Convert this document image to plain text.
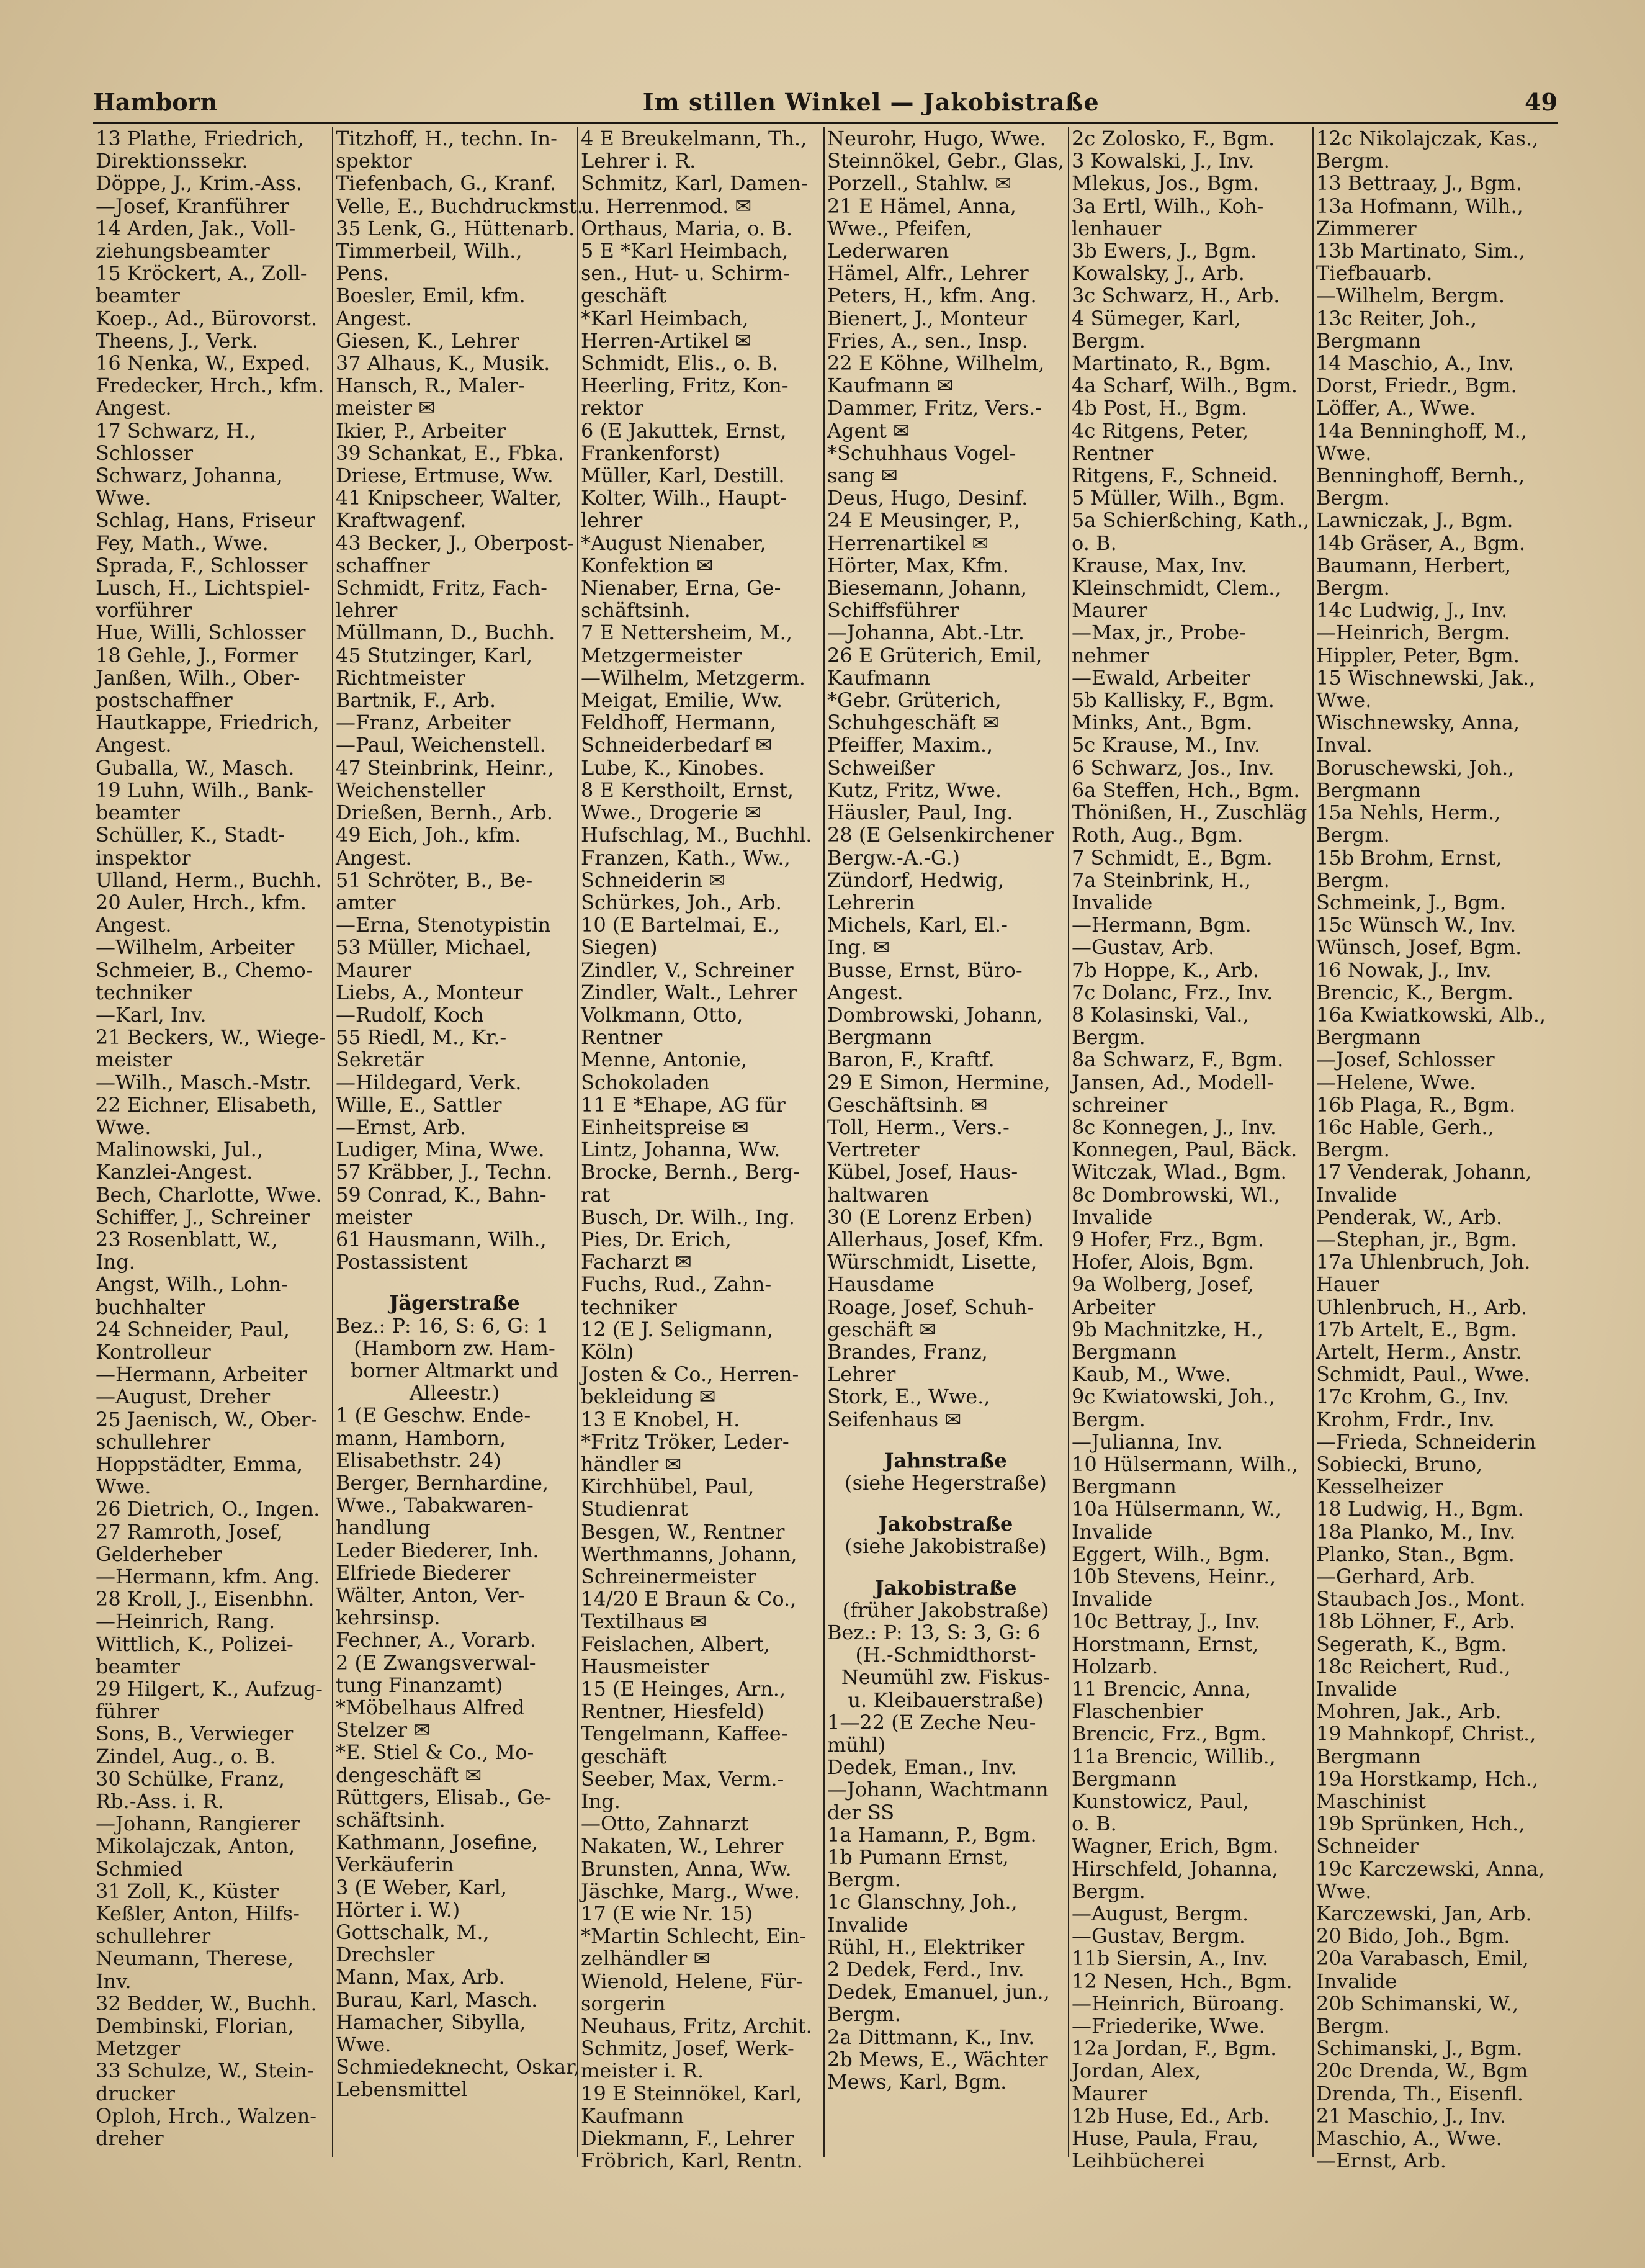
Hamborn	Im stillen Winkel — Jakobistraße	49
13 Plathe, Friedrich,
Direktionssekr.
Döppe, J., Krim.-Ass.
—Josef, Kranführer
14 Arden, Jak., Voll-
ziehungsbeamter
15 Kröckert, A., Zoll-
beamter
Koep., Ad., Bürovorst.
Theens, J., Verk.
16 Nenka, W., Exped.
Fredecker, Hrch., kfm.
Angest.
17 Schwarz, H.,
Schlosser
Schwarz, Johanna,
Wwe.
Schlag, Hans, Friseur
Fey, Math., Wwe.
Sprada, F., Schlosser
Lusch, H., Lichtspiel-
vorführer
Hue, Willi, Schlosser
18 Gehle, J., Former
Janßen, Wilh., Ober-
postschaffner
Hautkappe, Friedrich,
Angest.
Guballa, W., Masch.
19 Luhn, Wilh., Bank-
beamter
Schüller, K., Stadt-
inspektor
Ulland, Herm., Buchh.
20 Auler, Hrch., kfm.
Angest.
—Wilhelm, Arbeiter
Schmeier, B., Chemo-
techniker
—Karl, Inv.
21 Beckers, W., Wiege-
meister
—Wilh., Masch.-Mstr.
22 Eichner, Elisabeth,
Wwe.
Malinowski, Jul.,
Kanzlei-Angest.
Bech, Charlotte, Wwe.
Schiffer, J., Schreiner
23 Rosenblatt, W.,
Ing.
Angst, Wilh., Lohn-
buchhalter
24 Schneider, Paul,
Kontrolleur
—Hermann, Arbeiter
—August, Dreher
25 Jaenisch, W., Ober-
schullehrer
Hoppstädter, Emma,
Wwe.
26 Dietrich, O., Ingen.
27 Ramroth, Josef,
Gelderheber
—Hermann, kfm. Ang.
28 Kroll, J., Eisenbhn.
—Heinrich, Rang.
Wittlich, K., Polizei-
beamter
29 Hilgert, K., Aufzug-
führer
Sons, B., Verwieger
Zindel, Aug., o. B.
30 Schülke, Franz,
Rb.-Ass. i. R.
—Johann, Rangierer
Mikolajczak, Anton,
Schmied
31 Zoll, K., Küster
Keßler, Anton, Hilfs-
schullehrer
Neumann, Therese,
Inv.
32 Bedder, W., Buchh.
Dembinski, Florian,
Metzger
33 Schulze, W., Stein-
drucker
Oploh, Hrch., Walzen-
dreher
Titzhoff, H., techn. In-
spektor
Tiefenbach, G., Kranf.
Velle, E., Buchdruckmst.
35 Lenk, G., Hüttenarb.
Timmerbeil, Wilh.,
Pens.
Boesler, Emil, kfm.
Angest.
Giesen, K., Lehrer
37 Alhaus, K., Musik.
Hansch, R., Maler-
meister ✉
Ikier, P., Arbeiter
39 Schankat, E., Fbka.
Driese, Ertmuse, Ww.
41 Knipscheer, Walter,
Kraftwagenf.
43 Becker, J., Oberpost-
schaffner
Schmidt, Fritz, Fach-
lehrer
Müllmann, D., Buchh.
45 Stutzinger, Karl,
Richtmeister
Bartnik, F., Arb.
—Franz, Arbeiter
—Paul, Weichenstell.
47 Steinbrink, Heinr.,
Weichensteller
Drießen, Bernh., Arb.
49 Eich, Joh., kfm.
Angest.
51 Schröter, B., Be-
amter
—Erna, Stenotypistin
53 Müller, Michael,
Maurer
Liebs, A., Monteur
—Rudolf, Koch
55 Riedl, M., Kr.-
Sekretär
—Hildegard, Verk.
Wille, E., Sattler
—Ernst, Arb.
Ludiger, Mina, Wwe.
57 Kräbber, J., Techn.
59 Conrad, K., Bahn-
meister
61 Hausmann, Wilh.,
Postassistent
Jägerstraße
Bez.: P: 16, S: 6, G: 1
(Hamborn zw. Ham-
borner Altmarkt und
Alleestr.)
1 (E Geschw. Ende-
mann, Hamborn,
Elisabethstr. 24)
Berger, Bernhardine,
Wwe., Tabakwaren-
handlung
Leder Biederer, Inh.
Elfriede Biederer
Wälter, Anton, Ver-
kehrsinsp.
Fechner, A., Vorarb.
2 (E Zwangsverwal-
tung Finanzamt)
*Möbelhaus Alfred
Stelzer ✉
*E. Stiel & Co., Mo-
dengeschäft ✉
Rüttgers, Elisab., Ge-
schäftsinh.
Kathmann, Josefine,
Verkäuferin
3 (E Weber, Karl,
Hörter i. W.)
Gottschalk, M.,
Drechsler
Mann, Max, Arb.
Burau, Karl, Masch.
Hamacher, Sibylla,
Wwe.
Schmiedeknecht, Oskar,
Lebensmittel
4 E Breukelmann, Th.,
Lehrer i. R.
Schmitz, Karl, Damen-
u. Herrenmod. ✉
Orthaus, Maria, o. B.
5 E *Karl Heimbach,
sen., Hut- u. Schirm-
geschäft
*Karl Heimbach,
Herren-Artikel ✉
Schmidt, Elis., o. B.
Heerling, Fritz, Kon-
rektor
6 (E Jakuttek, Ernst,
Frankenforst)
Müller, Karl, Destill.
Kolter, Wilh., Haupt-
lehrer
*August Nienaber,
Konfektion ✉
Nienaber, Erna, Ge-
schäftsinh.
7 E Nettersheim, M.,
Metzgermeister
—Wilhelm, Metzgerm.
Meigat, Emilie, Ww.
Feldhoff, Hermann,
Schneiderbedarf ✉
Lube, K., Kinobes.
8 E Kersthoilt, Ernst,
Wwe., Drogerie ✉
Hufschlag, M., Buchhl.
Franzen, Kath., Ww.,
Schneiderin ✉
Schürkes, Joh., Arb.
10 (E Bartelmai, E.,
Siegen)
Zindler, V., Schreiner
Zindler, Walt., Lehrer
Volkmann, Otto,
Rentner
Menne, Antonie,
Schokoladen
11 E *Ehape, AG für
Einheitspreise ✉
Lintz, Johanna, Ww.
Brocke, Bernh., Berg-
rat
Busch, Dr. Wilh., Ing.
Pies, Dr. Erich,
Facharzt ✉
Fuchs, Rud., Zahn-
techniker
12 (E J. Seligmann,
Köln)
Josten & Co., Herren-
bekleidung ✉
13 E Knobel, H.
*Fritz Tröker, Leder-
händler ✉
Kirchhübel, Paul,
Studienrat
Besgen, W., Rentner
Werthmanns, Johann,
Schreinermeister
14/20 E Braun & Co.,
Textilhaus ✉
Feislachen, Albert,
Hausmeister
15 (E Heinges, Arn.,
Rentner, Hiesfeld)
Tengelmann, Kaffee-
geschäft
Seeber, Max, Verm.-
Ing.
—Otto, Zahnarzt
Nakaten, W., Lehrer
Brunsten, Anna, Ww.
Jäschke, Marg., Wwe.
17 (E wie Nr. 15)
*Martin Schlecht, Ein-
zelhändler ✉
Wienold, Helene, Für-
sorgerin
Neuhaus, Fritz, Archit.
Schmitz, Josef, Werk-
meister i. R.
19 E Steinnökel, Karl,
Kaufmann
Diekmann, F., Lehrer
Fröbrich, Karl, Rentn.
Neurohr, Hugo, Wwe.
Steinnökel, Gebr., Glas,
Porzell., Stahlw. ✉
21 E Hämel, Anna,
Wwe., Pfeifen,
Lederwaren
Hämel, Alfr., Lehrer
Peters, H., kfm. Ang.
Bienert, J., Monteur
Fries, A., sen., Insp.
22 E Köhne, Wilhelm,
Kaufmann ✉
Dammer, Fritz, Vers.-
Agent ✉
*Schuhhaus Vogel-
sang ✉
Deus, Hugo, Desinf.
24 E Meusinger, P.,
Herrenartikel ✉
Hörter, Max, Kfm.
Biesemann, Johann,
Schiffsführer
—Johanna, Abt.-Ltr.
26 E Grüterich, Emil,
Kaufmann
*Gebr. Grüterich,
Schuhgeschäft ✉
Pfeiffer, Maxim.,
Schweißer
Kutz, Fritz, Wwe.
Häusler, Paul, Ing.
28 (E Gelsenkirchener
Bergw.-A.-G.)
Zündorf, Hedwig,
Lehrerin
Michels, Karl, El.-
Ing. ✉
Busse, Ernst, Büro-
Angest.
Dombrowski, Johann,
Bergmann
Baron, F., Kraftf.
29 E Simon, Hermine,
Geschäftsinh. ✉
Toll, Herm., Vers.-
Vertreter
Kübel, Josef, Haus-
haltwaren
30 (E Lorenz Erben)
Allerhaus, Josef, Kfm.
Würschmidt, Lisette,
Hausdame
Roage, Josef, Schuh-
geschäft ✉
Brandes, Franz,
Lehrer
Stork, E., Wwe.,
Seifenhaus ✉
Jahnstraße
(siehe Hegerstraße)
Jakobstraße
(siehe Jakobistraße)
Jakobistraße
(früher Jakobstraße)
Bez.: P: 13, S: 3, G: 6
(H.-Schmidthorst-
Neumühl zw. Fiskus-
u. Kleibauerstraße)
1—22 (E Zeche Neu-
mühl)
Dedek, Eman., Inv.
—Johann, Wachtmann
der SS
1a Hamann, P., Bgm.
1b Pumann Ernst,
Bergm.
1c Glanschny, Joh.,
Invalide
Rühl, H., Elektriker
2 Dedek, Ferd., Inv.
Dedek, Emanuel, jun.,
Bergm.
2a Dittmann, K., Inv.
2b Mews, E., Wächter
Mews, Karl, Bgm.
2c Zolosko, F., Bgm.
3 Kowalski, J., Inv.
Mlekus, Jos., Bgm.
3a Ertl, Wilh., Koh-
lenhauer
3b Ewers, J., Bgm.
Kowalsky, J., Arb.
3c Schwarz, H., Arb.
4 Sümeger, Karl,
Bergm.
Martinato, R., Bgm.
4a Scharf, Wilh., Bgm.
4b Post, H., Bgm.
4c Ritgens, Peter,
Rentner
Ritgens, F., Schneid.
5 Müller, Wilh., Bgm.
5a Schierßching, Kath.,
o. B.
Krause, Max, Inv.
Kleinschmidt, Clem.,
Maurer
—Max, jr., Probe-
nehmer
—Ewald, Arbeiter
5b Kallisky, F., Bgm.
Minks, Ant., Bgm.
5c Krause, M., Inv.
6 Schwarz, Jos., Inv.
6a Steffen, Hch., Bgm.
Thönißen, H., Zuschläg
Roth, Aug., Bgm.
7 Schmidt, E., Bgm.
7a Steinbrink, H.,
Invalide
—Hermann, Bgm.
—Gustav, Arb.
7b Hoppe, K., Arb.
7c Dolanc, Frz., Inv.
8 Kolasinski, Val.,
Bergm.
8a Schwarz, F., Bgm.
Jansen, Ad., Modell-
schreiner
8c Konnegen, J., Inv.
Konnegen, Paul, Bäck.
Witczak, Wlad., Bgm.
8c Dombrowski, Wl.,
Invalide
9 Hofer, Frz., Bgm.
Hofer, Alois, Bgm.
9a Wolberg, Josef,
Arbeiter
9b Machnitzke, H.,
Bergmann
Kaub, M., Wwe.
9c Kwiatowski, Joh.,
Bergm.
—Julianna, Inv.
10 Hülsermann, Wilh.,
Bergmann
10a Hülsermann, W.,
Invalide
Eggert, Wilh., Bgm.
10b Stevens, Heinr.,
Invalide
10c Bettray, J., Inv.
Horstmann, Ernst,
Holzarb.
11 Brencic, Anna,
Flaschenbier
Brencic, Frz., Bgm.
11a Brencic, Willib.,
Bergmann
Kunstowicz, Paul,
o. B.
Wagner, Erich, Bgm.
Hirschfeld, Johanna,
Bergm.
—August, Bergm.
—Gustav, Bergm.
11b Siersin, A., Inv.
12 Nesen, Hch., Bgm.
—Heinrich, Büroang.
—Friederike, Wwe.
12a Jordan, F., Bgm.
Jordan, Alex,
Maurer
12b Huse, Ed., Arb.
Huse, Paula, Frau,
Leihbücherei
12c Nikolajczak, Kas.,
Bergm.
13 Bettraay, J., Bgm.
13a Hofmann, Wilh.,
Zimmerer
13b Martinato, Sim.,
Tiefbauarb.
—Wilhelm, Bergm.
13c Reiter, Joh.,
Bergmann
14 Maschio, A., Inv.
Dorst, Friedr., Bgm.
Löffer, A., Wwe.
14a Benninghoff, M.,
Wwe.
Benninghoff, Bernh.,
Bergm.
Lawniczak, J., Bgm.
14b Gräser, A., Bgm.
Baumann, Herbert,
Bergm.
14c Ludwig, J., Inv.
—Heinrich, Bergm.
Hippler, Peter, Bgm.
15 Wischnewski, Jak.,
Wwe.
Wischnewsky, Anna,
Inval.
Boruschewski, Joh.,
Bergmann
15a Nehls, Herm.,
Bergm.
15b Brohm, Ernst,
Bergm.
Schmeink, J., Bgm.
15c Wünsch W., Inv.
Wünsch, Josef, Bgm.
16 Nowak, J., Inv.
Brencic, K., Bergm.
16a Kwiatkowski, Alb.,
Bergmann
—Josef, Schlosser
—Helene, Wwe.
16b Plaga, R., Bgm.
16c Hable, Gerh.,
Bergm.
17 Venderak, Johann,
Invalide
Penderak, W., Arb.
—Stephan, jr., Bgm.
17a Uhlenbruch, Joh.
Hauer
Uhlenbruch, H., Arb.
17b Artelt, E., Bgm.
Artelt, Herm., Anstr.
Schmidt, Paul., Wwe.
17c Krohm, G., Inv.
Krohm, Frdr., Inv.
—Frieda, Schneiderin
Sobiecki, Bruno,
Kesselheizer
18 Ludwig, H., Bgm.
18a Planko, M., Inv.
Planko, Stan., Bgm.
—Gerhard, Arb.
Staubach Jos., Mont.
18b Löhner, F., Arb.
Segerath, K., Bgm.
18c Reichert, Rud.,
Invalide
Mohren, Jak., Arb.
19 Mahnkopf, Christ.,
Bergmann
19a Horstkamp, Hch.,
Maschinist
19b Sprünken, Hch.,
Schneider
19c Karczewski, Anna,
Wwe.
Karczewski, Jan, Arb.
20 Bido, Joh., Bgm.
20a Varabasch, Emil,
Invalide
20b Schimanski, W.,
Bergm.
Schimanski, J., Bgm.
20c Drenda, W., Bgm
Drenda, Th., Eisenfl.
21 Maschio, J., Inv.
Maschio, A., Wwe.
—Ernst, Arb.
